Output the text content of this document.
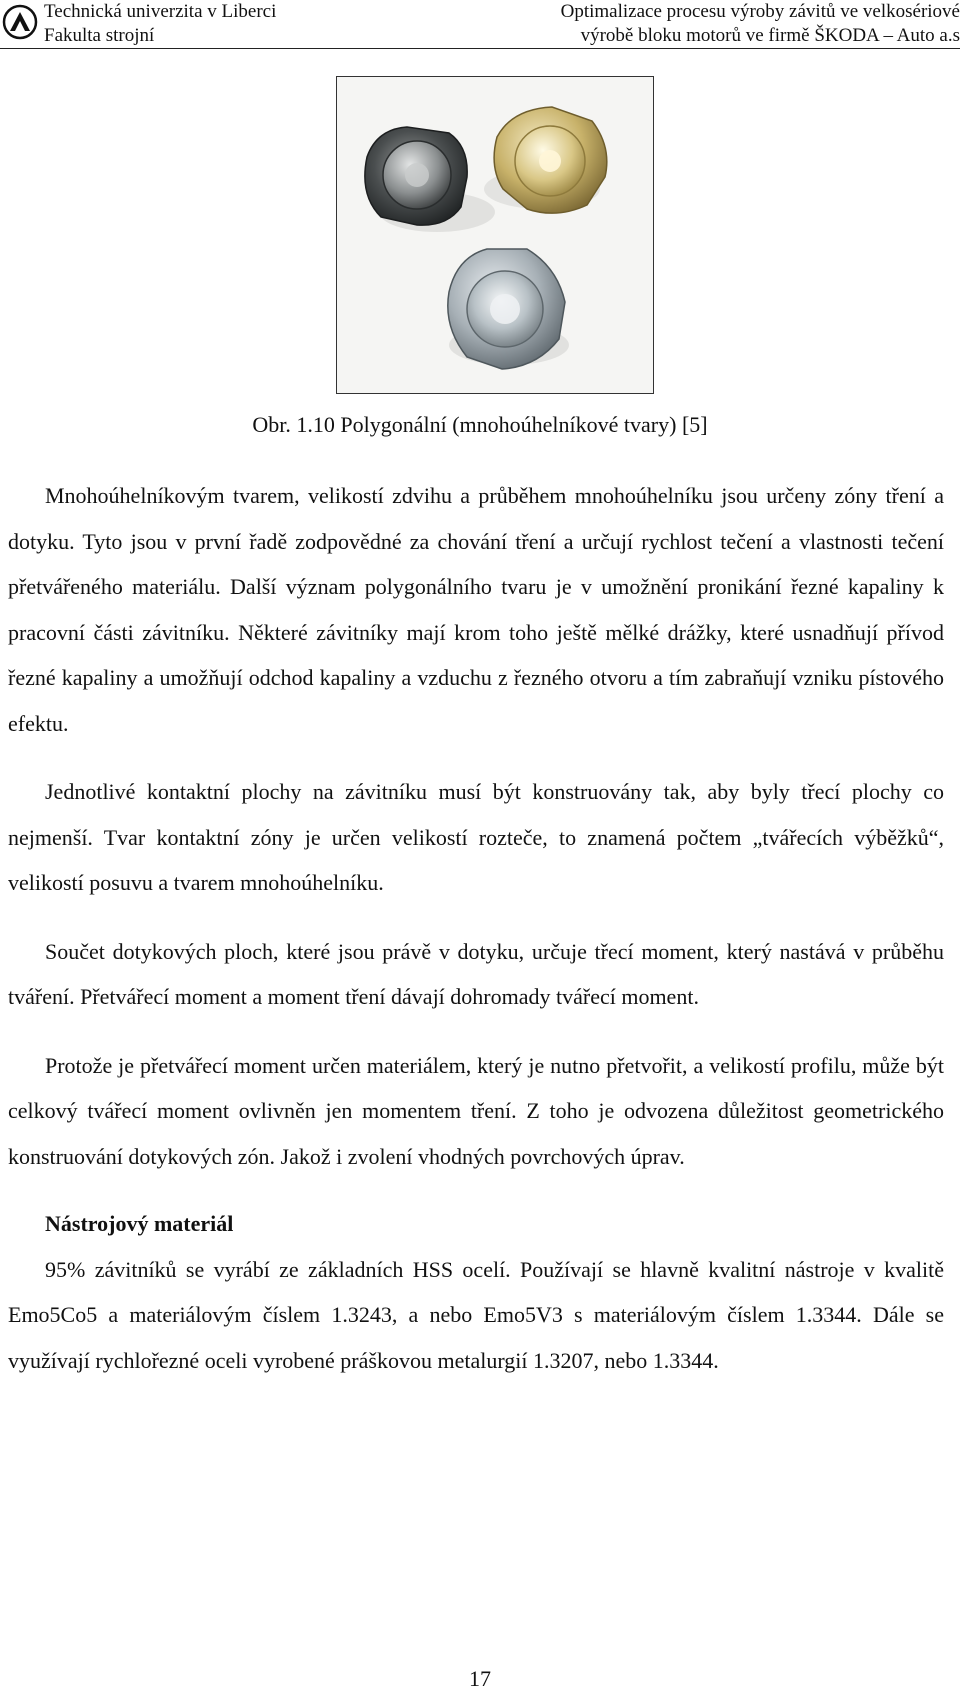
Technická univerzita v Liberci
Fakulta strojní
Optimalizace procesu výroby závitů ve velkosériové
výrobě bloku motorů ve firmě ŠKODA – Auto a.s
Obr. 1.10 Polygonální (mnohoúhelníkové tvary) [5]

Mnohoúhelníkovým tvarem, velikostí zdvihu a průběhem mnohoúhelníku jsou určeny zóny tření a dotyku. Tyto jsou v první řadě zodpovědné za chování tření a určují rychlost tečení a vlastnosti tečení přetvářeného materiálu. Další význam polygonálního tvaru je v umožnění pronikání řezné kapaliny k pracovní části závitníku. Některé závitníky mají krom toho ještě mělké drážky, které usnadňují přívod řezné kapaliny a umožňují odchod kapaliny a vzduchu z řezného otvoru a tím zabraňují vzniku pístového efektu.

Jednotlivé kontaktní plochy na závitníku musí být konstruovány tak, aby byly třecí plochy co nejmenší. Tvar kontaktní zóny je určen velikostí rozteče, to znamená počtem „tvářecích výběžků“, velikostí posuvu a tvarem mnohoúhelníku.

Součet dotykových ploch, které jsou právě v dotyku, určuje třecí moment, který nastává v průběhu tváření. Přetvářecí moment a moment tření dávají dohromady tvářecí moment.

Protože je přetvářecí moment určen materiálem, který je nutno přetvořit, a velikostí profilu, může být celkový tvářecí moment ovlivněn jen momentem tření. Z toho je odvozena důležitost geometrického konstruování dotykových zón. Jakož i zvolení vhodných povrchových úprav.

Nástrojový materiál

95% závitníků se vyrábí ze základních HSS ocelí. Používají se hlavně kvalitní nástroje v kvalitě Emo5Co5 a materiálovým číslem 1.3243, a nebo Emo5V3 s materiálovým číslem 1.3344. Dále se využívají rychlořezné oceli vyrobené práškovou metalurgií 1.3207, nebo 1.3344.

17
